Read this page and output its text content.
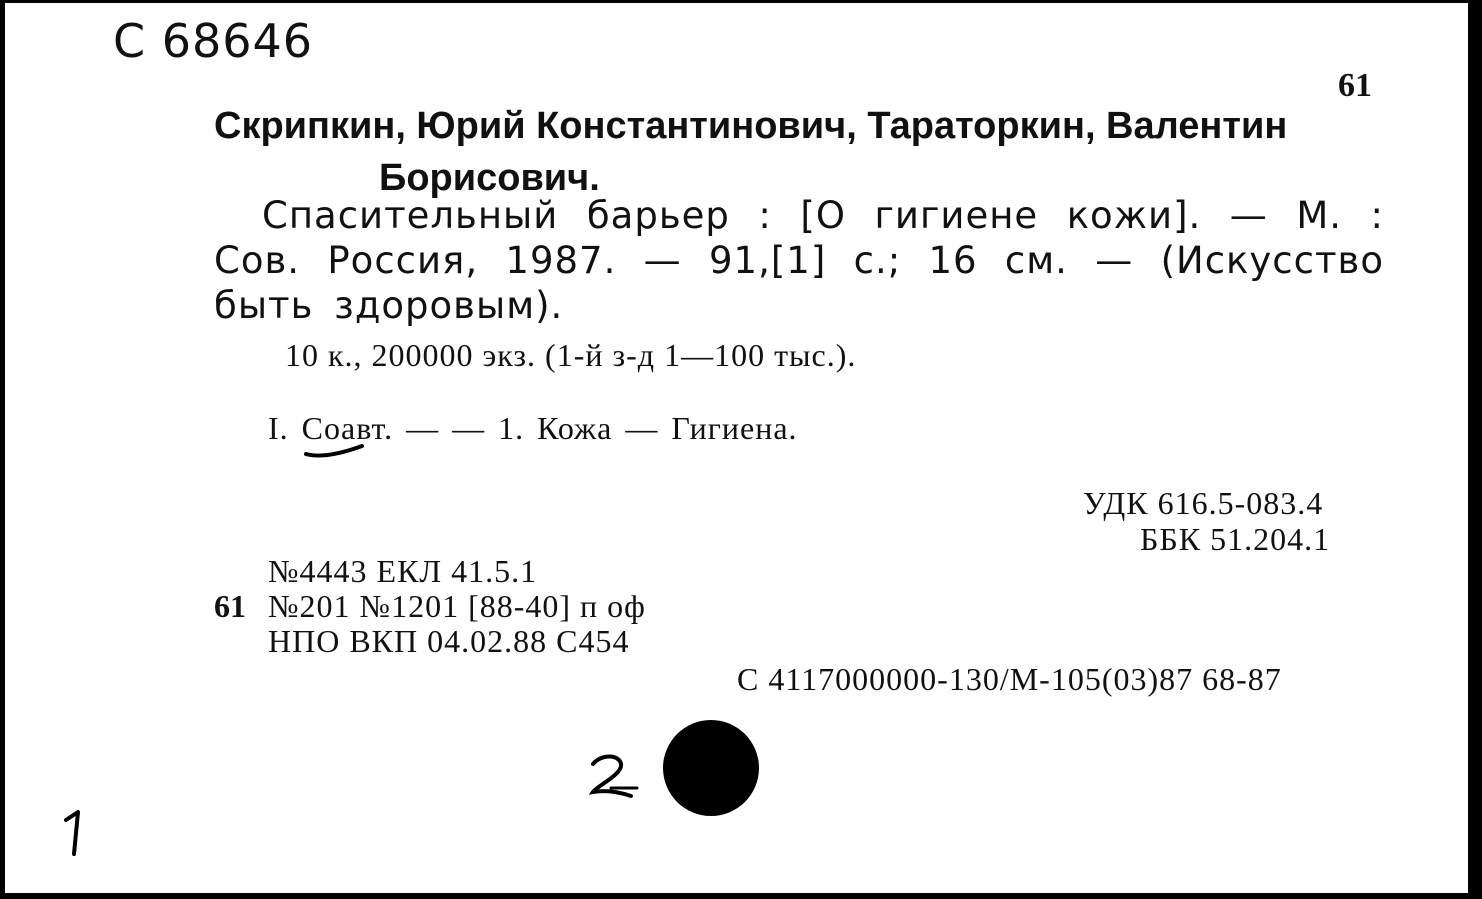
С 68646
61
Скрипкин, Юрий Константинович, Тараторкин, Валентин Борисович.
Спасительный барьер : [О гигиене кожи]. — М. : Сов. Россия, 1987. — 91,[1] с.; 16 см. — (Искусство быть здоровым).
10 к., 200000 экз. (1-й з-д 1—100 тыс.).
I. Соавт. — — 1. Кожа — Гигиена.
УДК 616.5-083.4
ББК 51.204.1
№4443 ЕКЛ 41.5.1
61 №201 №1201 [88-40] п оф
НПО ВКП 04.02.88 С454
С 4117000000-130/М-105(03)87 68-87
